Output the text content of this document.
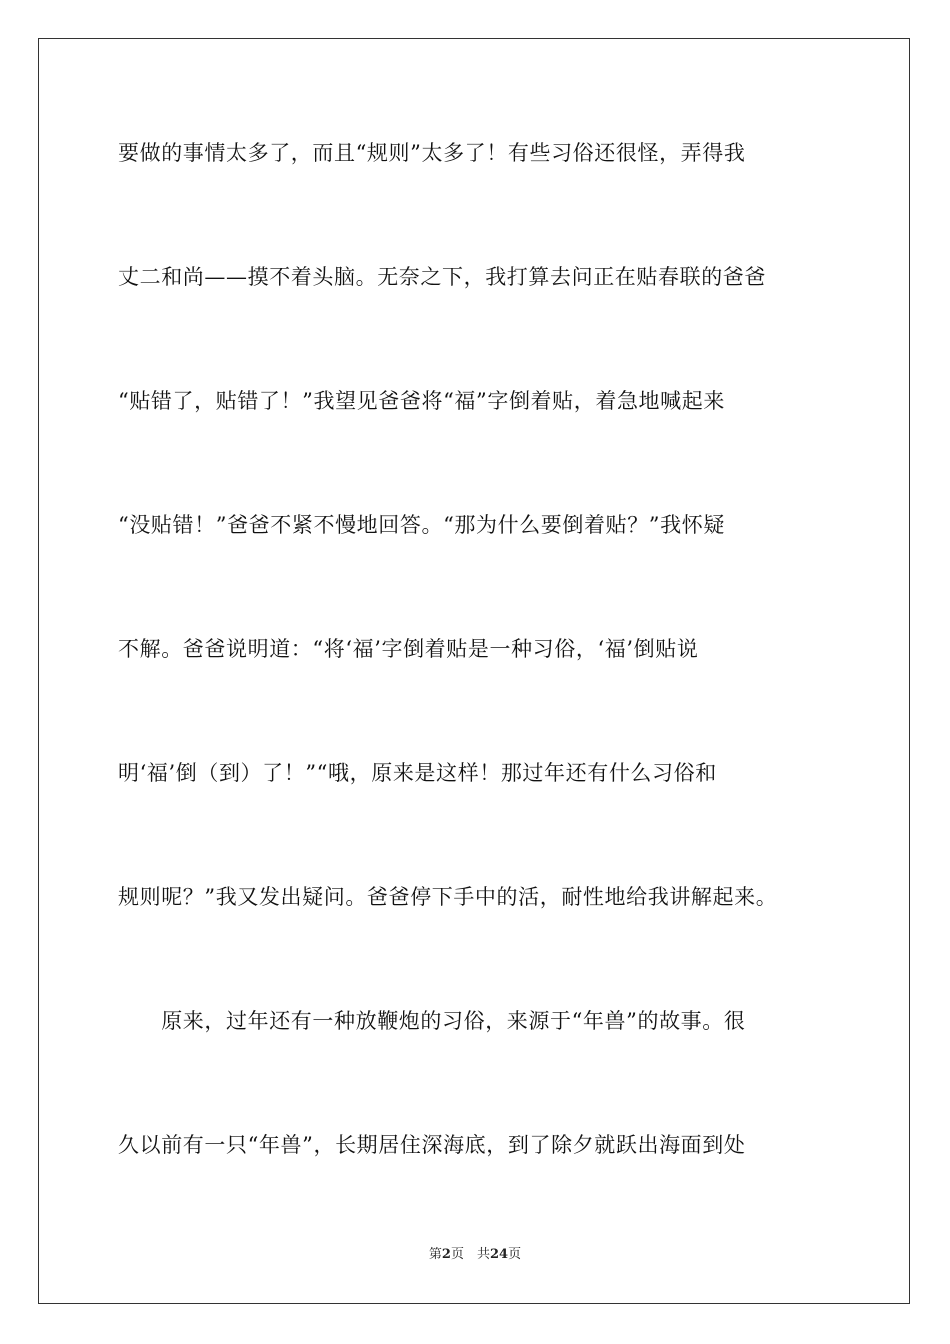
要做的事情太多了，而且“规则”太多了！有些习俗还很怪，弄得我
丈二和尚——摸不着头脑。无奈之下，我打算去问正在贴春联的爸爸
“贴错了，贴错了！”我望见爸爸将“福”字倒着贴，着急地喊起来
“没贴错！”爸爸不紧不慢地回答。“那为什么要倒着贴？”我怀疑
不解。爸爸说明道：“将‘福’字倒着贴是一种习俗，‘福’倒贴说
明‘福’倒（到）了！”“哦，原来是这样！那过年还有什么习俗和
规则呢？”我又发出疑问。爸爸停下手中的活，耐性地给我讲解起来。
　　原来，过年还有一种放鞭炮的习俗，来源于“年兽”的故事。很
久以前有一只“年兽”，长期居住深海底，到了除夕就跃出海面到处
第2页　共24页
